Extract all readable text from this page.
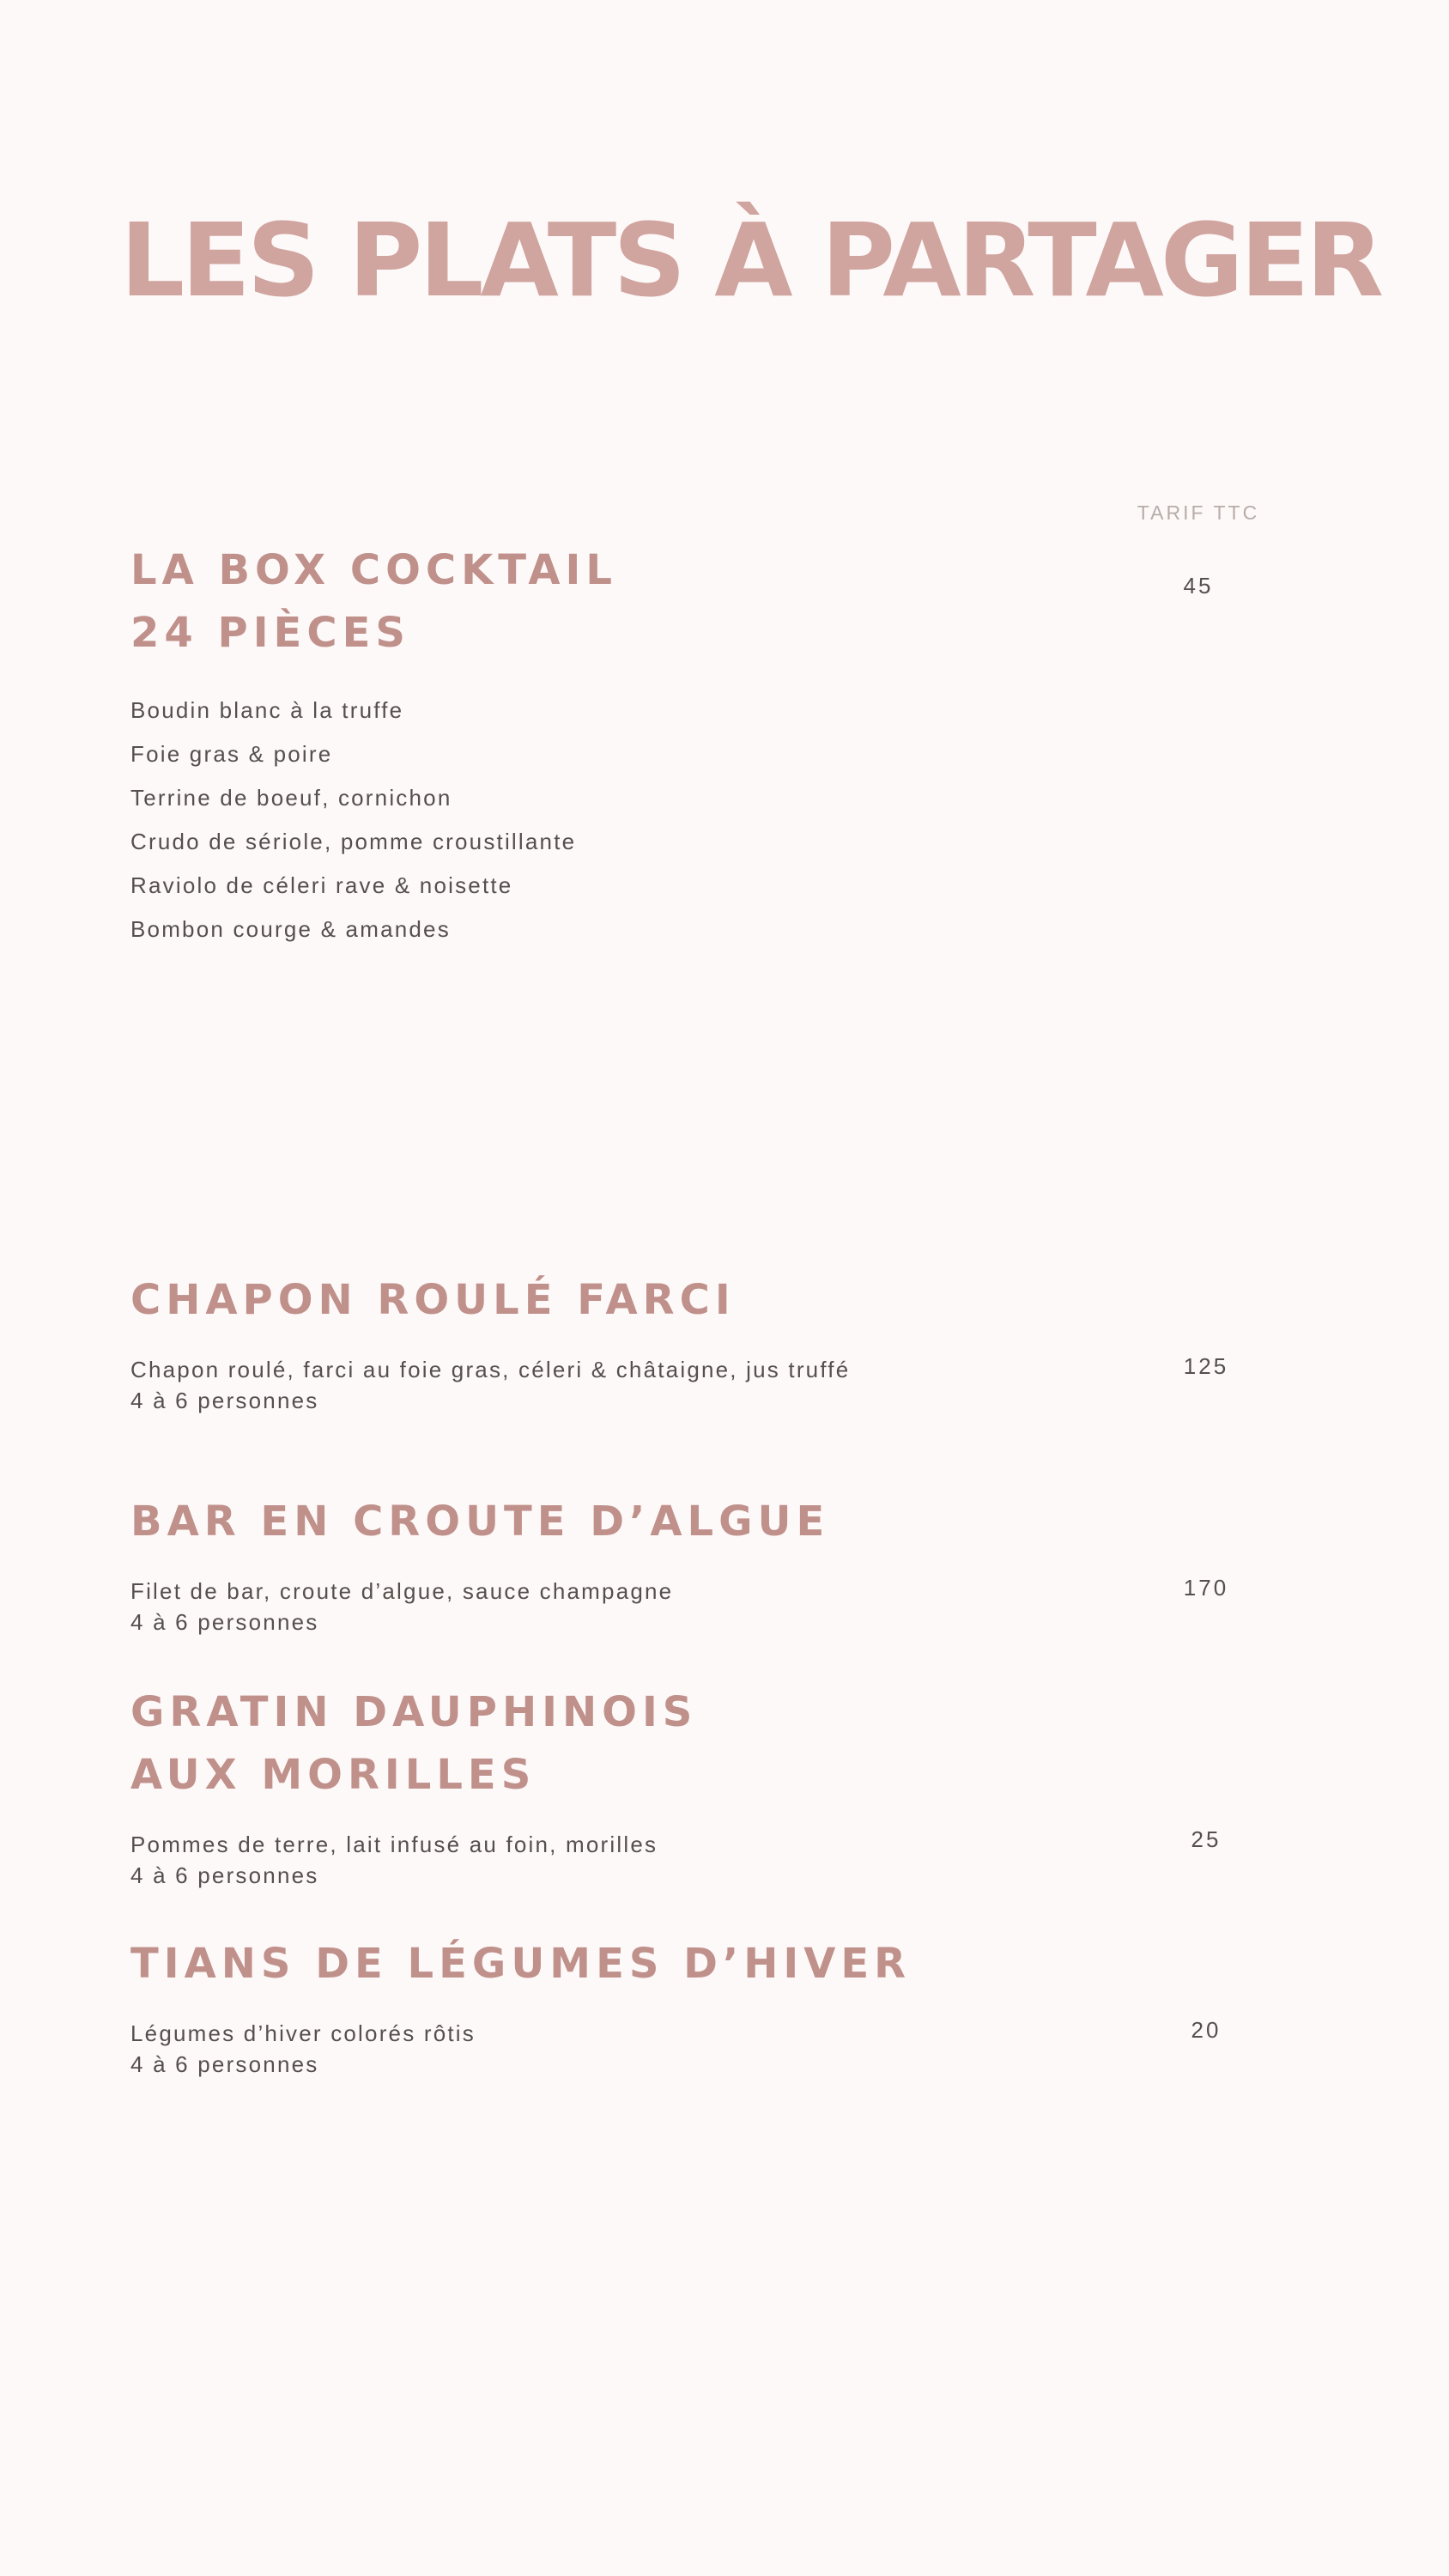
LES PLATS À PARTAGER
TARIF TTC
LA BOX COCKTAIL
24 PIÈCES
Boudin blanc à la truffe
Foie gras & poire
Terrine de boeuf, cornichon
Crudo de sériole, pomme croustillante
Raviolo de céleri rave & noisette
Bombon courge & amandes
45
CHAPON ROULÉ FARCI
Chapon roulé, farci au foie gras, céleri & châtaigne, jus truffé
4 à 6 personnes
125
BAR EN CROUTE D’ALGUE
Filet de bar, croute d’algue, sauce champagne
4 à 6 personnes
170
GRATIN DAUPHINOIS
AUX MORILLES
Pommes de terre, lait infusé au foin, morilles
4 à 6 personnes
25
TIANS DE LÉGUMES D’HIVER
Légumes d’hiver colorés rôtis
4 à 6 personnes
20
